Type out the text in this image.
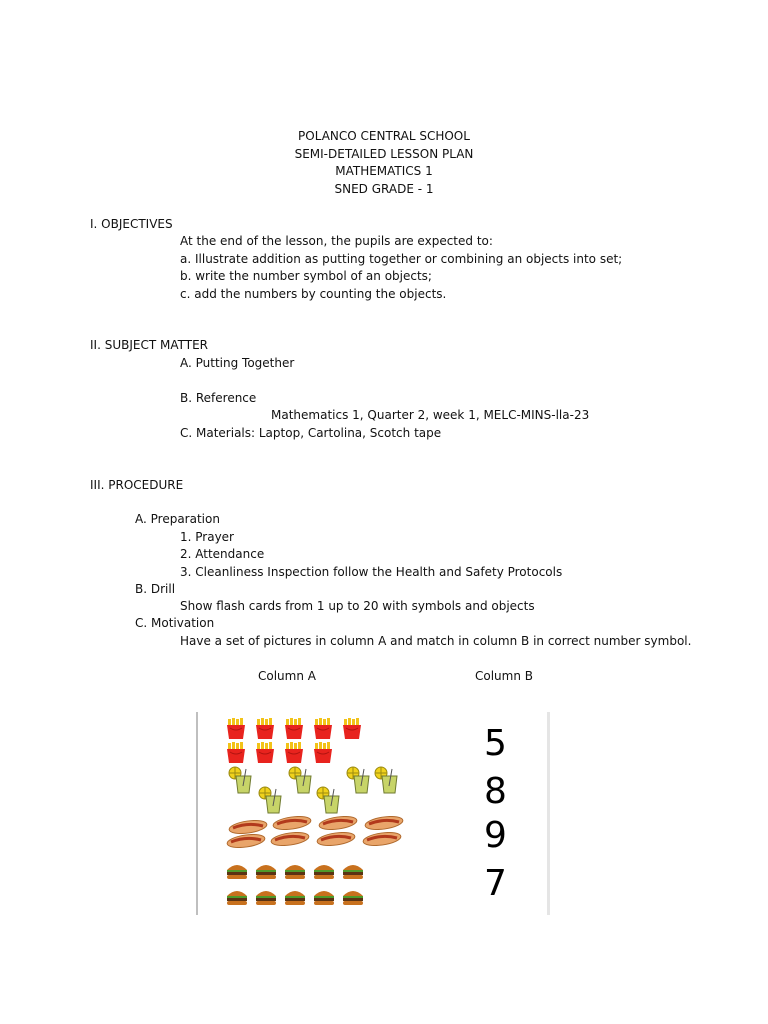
POLANCO CENTRAL SCHOOL
SEMI-DETAILED LESSON PLAN
MATHEMATICS 1
SNED GRADE - 1
I. OBJECTIVES
At the end of the lesson, the pupils are expected to:
a. Illustrate addition as putting together or combining an objects into set;
b. write the number symbol of an objects;
c. add the numbers by counting the objects.
II. SUBJECT MATTER
A. Putting Together
B. Reference
Mathematics 1, Quarter 2, week 1, MELC-MINS-lla-23
C. Materials: Laptop, Cartolina, Scotch tape
III. PROCEDURE
A. Preparation
1. Prayer
2. Attendance
3. Cleanliness Inspection follow the Health and Safety Protocols
B. Drill
Show flash cards from 1 up to 20 with symbols and objects
C. Motivation
Have a set of pictures in column A and match in column B in correct number symbol.
Column A	Column B
5
8
9
7
